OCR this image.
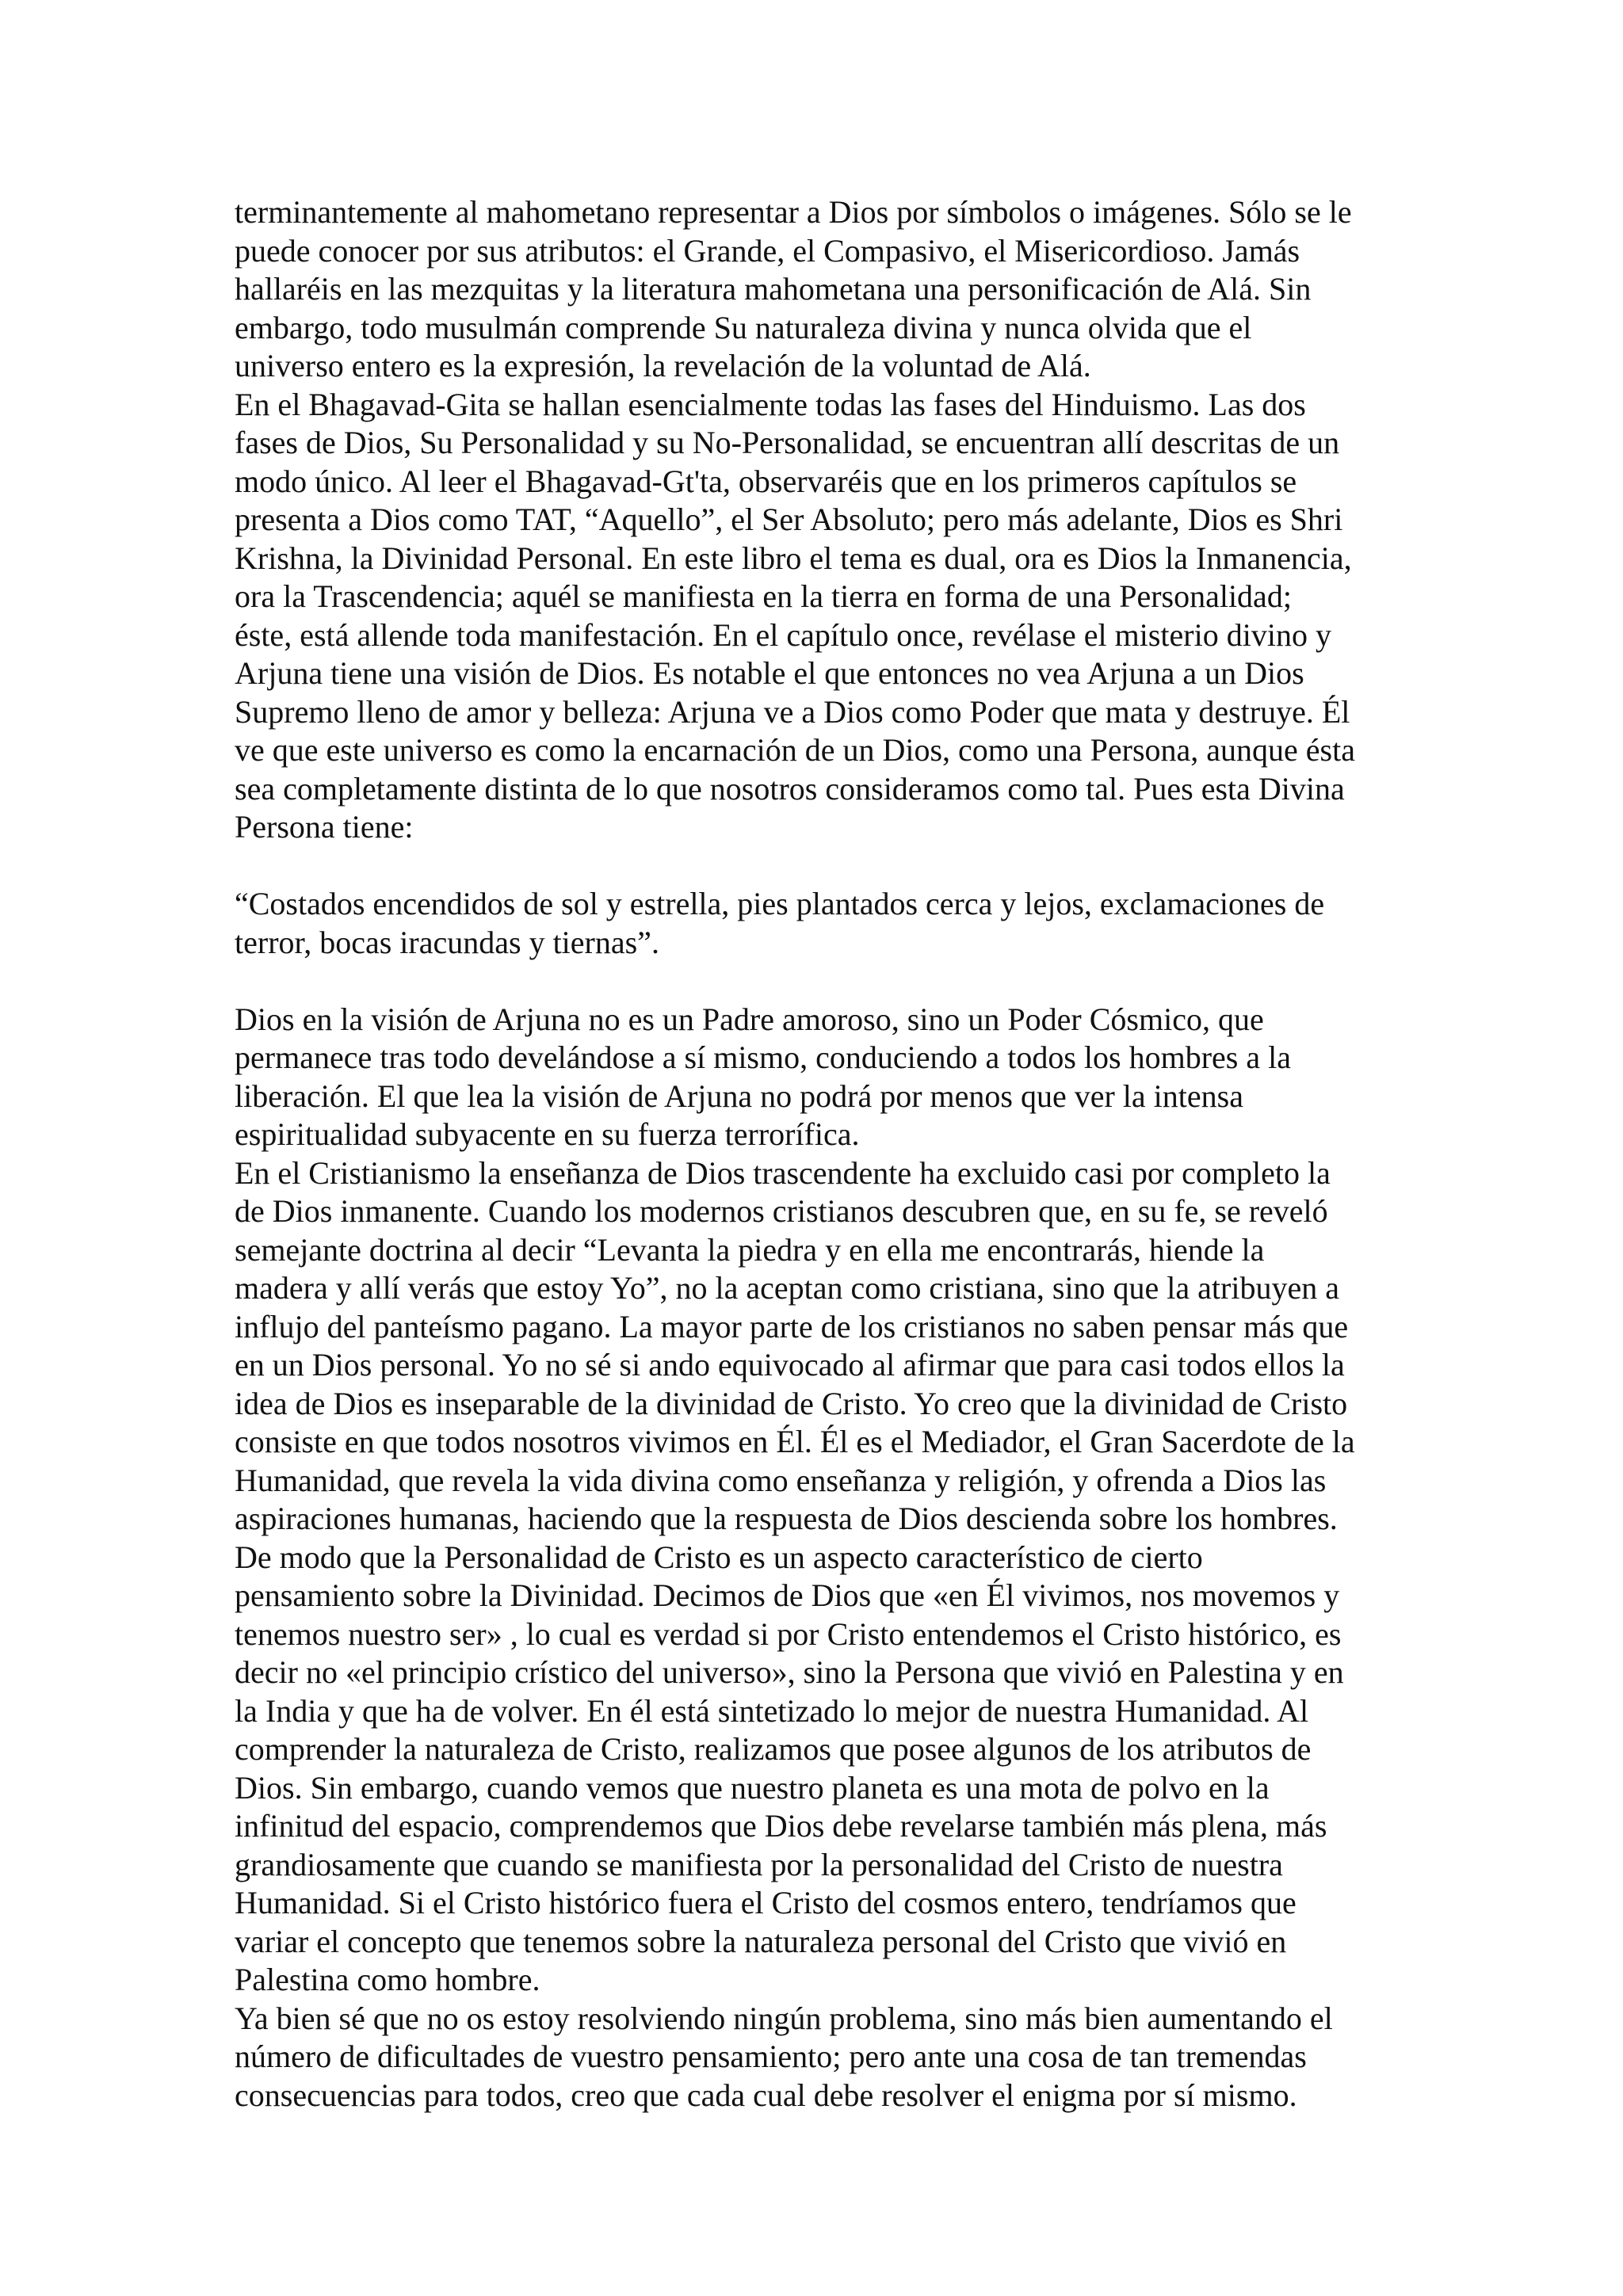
terminantemente al mahometano representar a Dios por símbolos o imágenes. Sólo se le
puede conocer por sus atributos: el Grande, el Compasivo, el Misericordioso. Jamás
hallaréis en las mezquitas y la literatura mahometana una personificación de Alá. Sin
embargo, todo musulmán comprende Su naturaleza divina y nunca olvida que el
universo entero es la expresión, la revelación de la voluntad de Alá.
En el Bhagavad-Gita se hallan esencialmente todas las fases del Hinduismo. Las dos
fases de Dios, Su Personalidad y su No-Personalidad, se encuentran allí descritas de un
modo único. Al leer el Bhagavad-Gt'ta, observaréis que en los primeros capítulos se
presenta a Dios como TAT, “Aquello”, el Ser Absoluto; pero más adelante, Dios es Shri
Krishna, la Divinidad Personal. En este libro el tema es dual, ora es Dios la Inmanencia,
ora la Trascendencia; aquél se manifiesta en la tierra en forma de una Personalidad;
éste, está allende toda manifestación. En el capítulo once, revélase el misterio divino y
Arjuna tiene una visión de Dios. Es notable el que entonces no vea Arjuna a un Dios
Supremo lleno de amor y belleza: Arjuna ve a Dios como Poder que mata y destruye. Él
ve que este universo es como la encarnación de un Dios, como una Persona, aunque ésta
sea completamente distinta de lo que nosotros consideramos como tal. Pues esta Divina
Persona tiene:
“Costados encendidos de sol y estrella, pies plantados cerca y lejos, exclamaciones de
terror, bocas iracundas y tiernas”.
Dios en la visión de Arjuna no es un Padre amoroso, sino un Poder Cósmico, que
permanece tras todo develándose a sí mismo, conduciendo a todos los hombres a la
liberación. El que lea la visión de Arjuna no podrá por menos que ver la intensa
espiritualidad subyacente en su fuerza terrorífica.
En el Cristianismo la enseñanza de Dios trascendente ha excluido casi por completo la
de Dios inmanente. Cuando los modernos cristianos descubren que, en su fe, se reveló
semejante doctrina al decir “Levanta la piedra y en ella me encontrarás, hiende la
madera y allí verás que estoy Yo”, no la aceptan como cristiana, sino que la atribuyen a
influjo del panteísmo pagano. La mayor parte de los cristianos no saben pensar más que
en un Dios personal. Yo no sé si ando equivocado al afirmar que para casi todos ellos la
idea de Dios es inseparable de la divinidad de Cristo. Yo creo que la divinidad de Cristo
consiste en que todos nosotros vivimos en Él. Él es el Mediador, el Gran Sacerdote de la
Humanidad, que revela la vida divina como enseñanza y religión, y ofrenda a Dios las
aspiraciones humanas, haciendo que la respuesta de Dios descienda sobre los hombres.
De modo que la Personalidad de Cristo es un aspecto característico de cierto
pensamiento sobre la Divinidad. Decimos de Dios que «en Él vivimos, nos movemos y
tenemos nuestro ser» , lo cual es verdad si por Cristo entendemos el Cristo histórico, es
decir no «el principio crístico del universo», sino la Persona que vivió en Palestina y en
la India y que ha de volver. En él está sintetizado lo mejor de nuestra Humanidad. Al
comprender la naturaleza de Cristo, realizamos que posee algunos de los atributos de
Dios. Sin embargo, cuando vemos que nuestro planeta es una mota de polvo en la
infinitud del espacio, comprendemos que Dios debe revelarse también más plena, más
grandiosamente que cuando se manifiesta por la personalidad del Cristo de nuestra
Humanidad. Si el Cristo histórico fuera el Cristo del cosmos entero, tendríamos que
variar el concepto que tenemos sobre la naturaleza personal del Cristo que vivió en
Palestina como hombre.
Ya bien sé que no os estoy resolviendo ningún problema, sino más bien aumentando el
número de dificultades de vuestro pensamiento; pero ante una cosa de tan tremendas
consecuencias para todos, creo que cada cual debe resolver el enigma por sí mismo.
